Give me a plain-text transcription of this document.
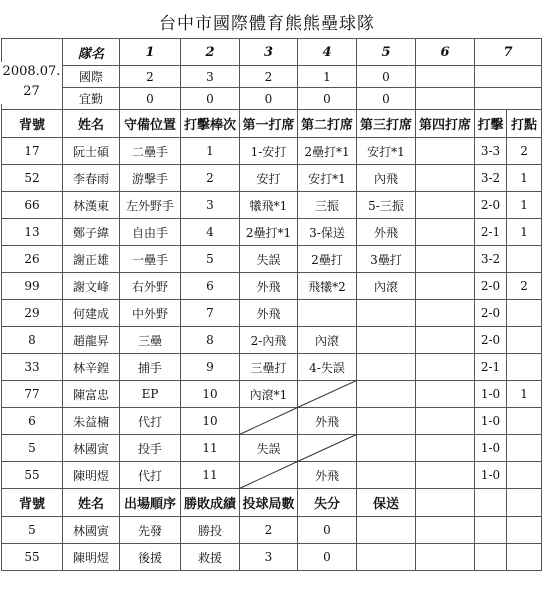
台中市國際體育熊熊壘球隊
	隊名	1	2	3	4	5	6	7	
	國際	2	3	2	1	0			
	宜勤	0	0	0	0	0			
背號	姓名	守備位置	打擊棒次	第一打席	第二打席	第三打席	第四打席	打擊	打點
17	阮士碩	二壘手	1	1-安打	2壘打*1	安打*1		3-3	2
52	李春雨	游擊手	2	安打	安打*1	內飛		3-2	1
66	林漢東	左外野手	3	犧飛*1	三振	5-三振		2-0	1
13	鄭子緯	自由手	4	2壘打*1	3-保送	外飛		2-1	1
26	謝正雄	一壘手	5	失誤	2壘打	3壘打		3-2	
99	謝文峰	右外野	6	外飛	飛犧*2	內滾		2-0	2
29	何建成	中外野	7	外飛				2-0	
8	趙龍昇	三壘	8	2-內飛	內滾			2-0	
33	林辛鍠	捕手	9	三壘打	4-失誤			2-1	
77	陳富忠	EP	10	內滾*1				1-0	1
6	朱益楠	代打	10		外飛			1-0	
5	林國寅	投手	11	失誤				1-0	
55	陳明煜	代打	11		外飛			1-0	
背號	姓名	出場順序	勝敗成績	投球局數	失分	保送			
5	林國寅	先發	勝投	2	0				
55	陳明煜	後援	救援	3	0				
2008.07.
27
